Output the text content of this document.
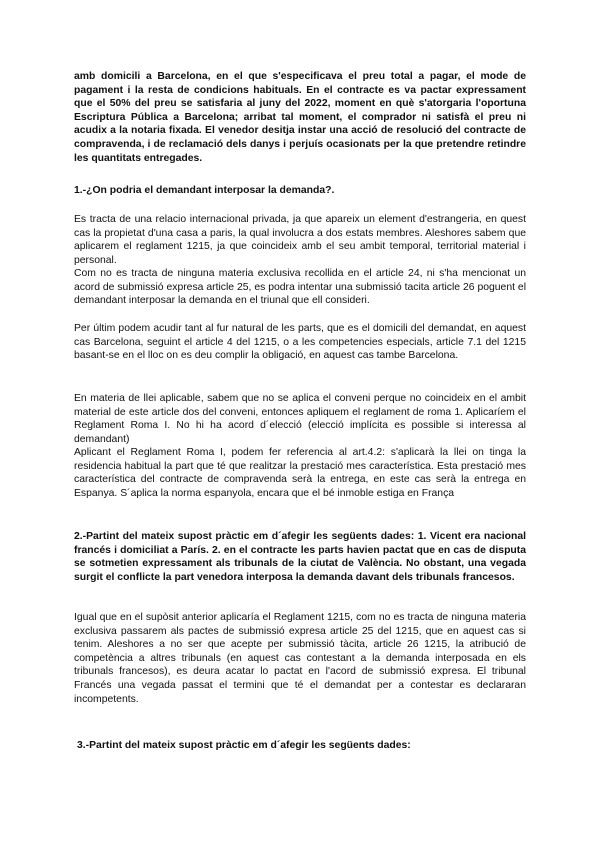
amb domicili a Barcelona, en el que s'especificava el preu total a pagar, el mode de pagament i la resta de condicions habituals. En el contracte es va pactar expressament que el 50% del preu se satisfaria al juny del 2022, moment en què s'atorgaria l'oportuna Escriptura Pública a Barcelona; arribat tal moment, el comprador ni satisfà el preu ni acudix a la notaria fixada. El venedor desitja instar una acció de resolució del contracte de compravenda, i de reclamació dels danys i perjuís ocasionats per la que pretendre retindre les quantitats entregades.

1.-¿On podria el demandant interposar la demanda?.

Es tracta de una relacio internacional privada, ja que apareix un element d'estrangeria, en quest cas la propietat d'una casa a paris, la qual involucra a dos estats membres. Aleshores sabem que aplicarem el reglament 1215, ja que coincideix amb el seu ambit temporal, territorial material i personal.

Com no es tracta de ninguna materia exclusiva recollida en el article 24, ni s'ha mencionat un acord de submissió expresa article 25, es podra intentar una submissió tacita article 26 poguent el demandant interposar la demanda en el triunal que ell consideri.

Per últim podem acudir tant al fur natural de les parts, que es el domicili del demandat, en aquest cas Barcelona, seguint el article 4 del 1215, o a les competencies especials, article 7.1 del 1215 basant-se en el lloc on es deu complir la obligació, en aquest cas tambe Barcelona.

En materia de llei aplicable, sabem que no se aplica el conveni perque no coincideix en el ambit material de este article dos del conveni, entonces apliquem el reglament de roma 1. Aplicaríem el Reglament Roma I. No hi ha acord d´elecció (elecció implícita es possible si interessa al demandant)

Aplicant el Reglament Roma I, podem fer referencia al art.4.2: s'aplicarà la llei on tinga la residencia habitual la part que té que realitzar la prestació mes característica. Esta prestació mes característica del contracte de compravenda serà la entrega, en este cas serà la entrega en Espanya. S´aplica la norma espanyola, encara que el bé inmoble estiga en França

2.-Partint del mateix supost pràctic em d´afegir les següents dades: 1. Vicent era nacional francés i domiciliat a París. 2. en el contracte les parts havien pactat que en cas de disputa se sotmetien expressament als tribunals de la ciutat de València. No obstant, una vegada surgit el conflicte la part venedora interposa la demanda davant dels tribunals francesos.

Igual que en el supòsit anterior aplicaría el Reglament 1215, com no es tracta de ninguna materia exclusiva passarem als pactes de submissió expresa article 25 del 1215, que en aquest cas si tenim. Aleshores a no ser que acepte per submissió tàcita, article 26 1215, la atribució de competència a altres tribunals (en aquest cas contestant a la demanda interposada en els tribunals francesos), es deura acatar lo pactat en l'acord de submissió expresa. El tribunal Francés una vegada passat el termini que té el demandat per a contestar es declararan incompetents.

3.-Partint del mateix supost pràctic em d´afegir les següents dades:
